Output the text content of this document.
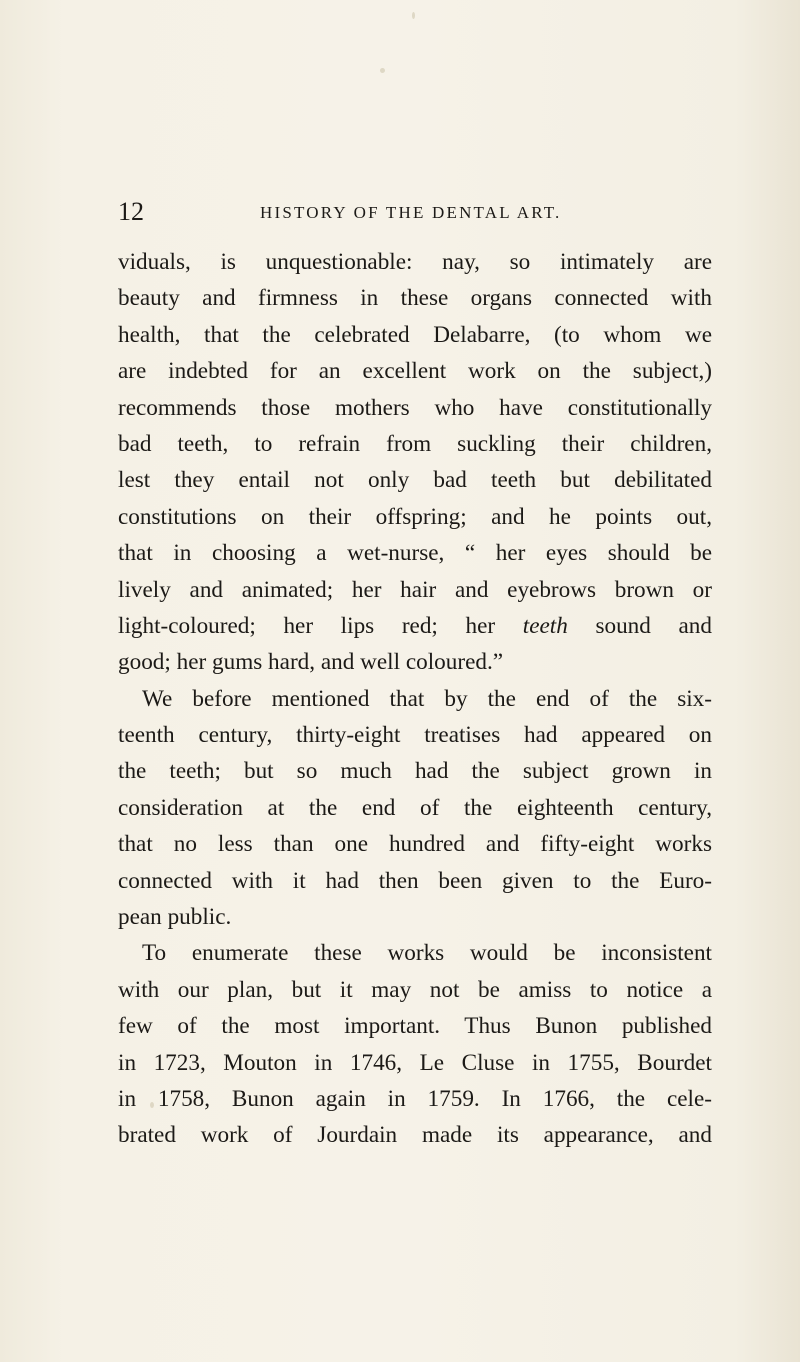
12	HISTORY OF THE DENTAL ART.
viduals, is unquestionable: nay, so intimately are
beauty and firmness in these organs connected with
health, that the celebrated Delabarre, (to whom we
are indebted for an excellent work on the subject,)
recommends those mothers who have constitutionally
bad teeth, to refrain from suckling their children,
lest they entail not only bad teeth but debilitated
constitutions on their offspring; and he points out,
that in choosing a wet-nurse, “ her eyes should be
lively and animated; her hair and eyebrows brown or
light-coloured; her lips red; her teeth sound and
good; her gums hard, and well coloured.”
We before mentioned that by the end of the six-
teenth century, thirty-eight treatises had appeared on
the teeth; but so much had the subject grown in
consideration at the end of the eighteenth century,
that no less than one hundred and fifty-eight works
connected with it had then been given to the Euro-
pean public.
To enumerate these works would be inconsistent
with our plan, but it may not be amiss to notice a
few of the most important. Thus Bunon published
in 1723, Mouton in 1746, Le Cluse in 1755, Bourdet
in 1758, Bunon again in 1759. In 1766, the cele-
brated work of Jourdain made its appearance, and
